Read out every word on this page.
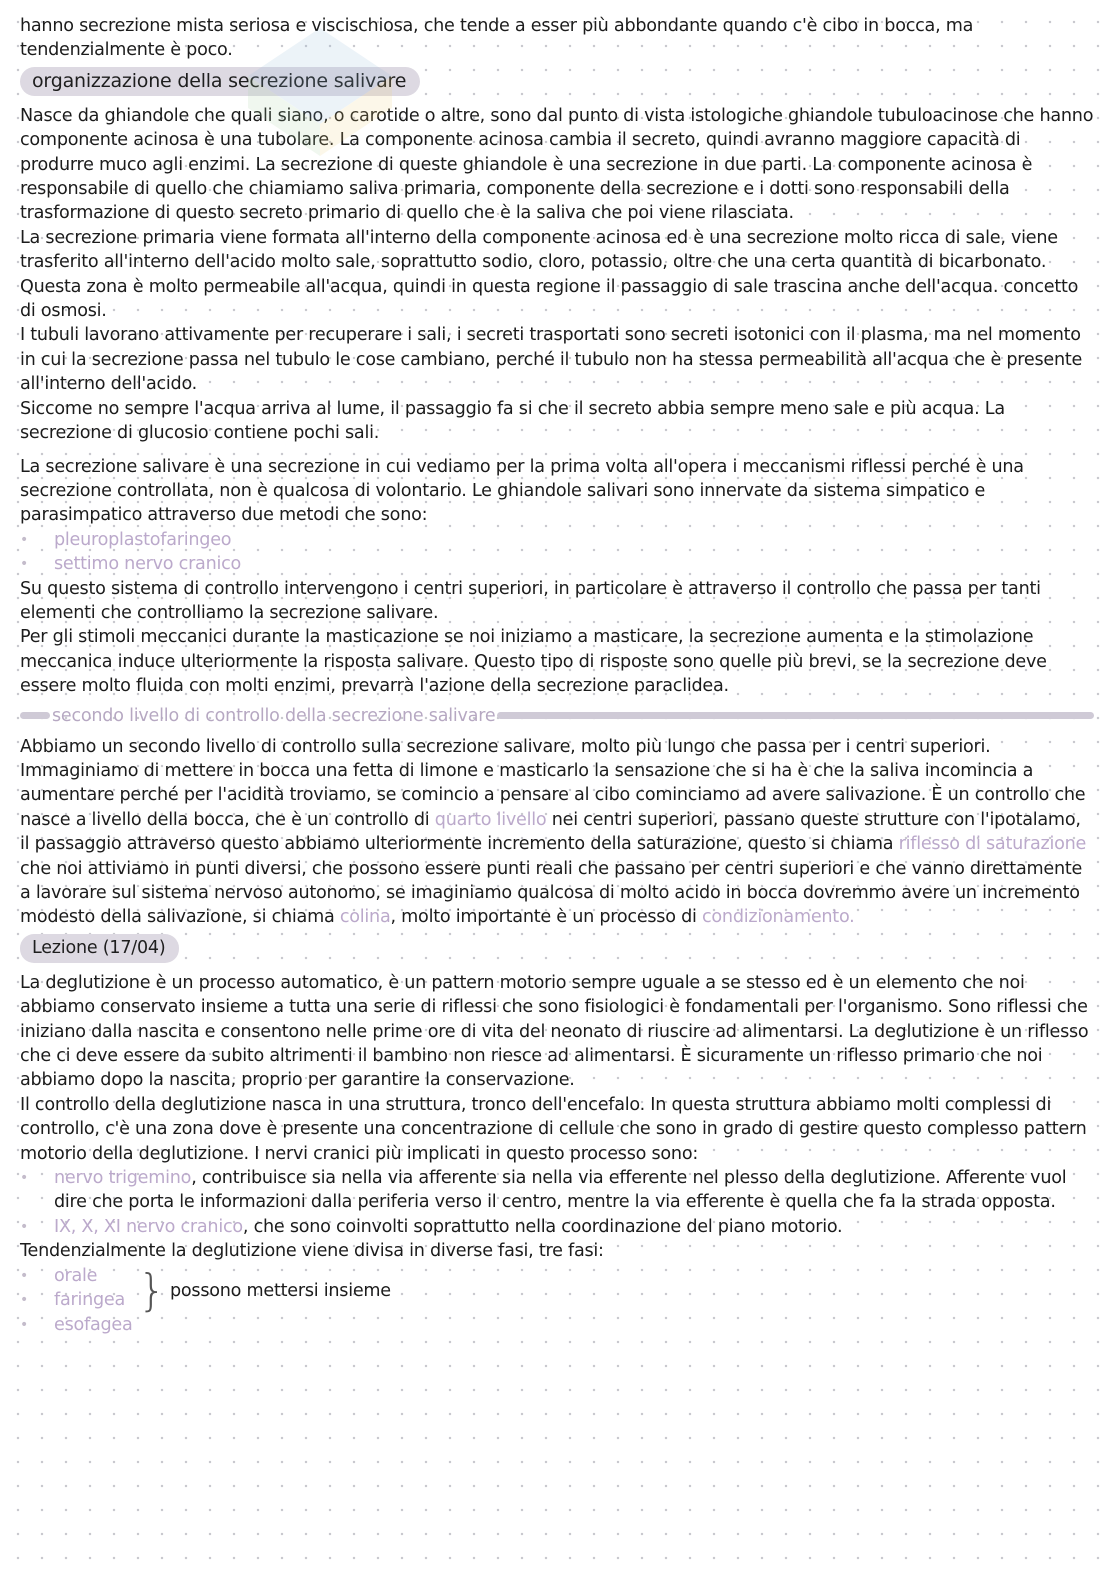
hanno secrezione mista seriosa e viscischiosa, che tende a esser più abbondante quando c'è cibo in bocca, ma tendenzialmente è poco.

organizzazione della secrezione salivare

Nasce da ghiandole che quali siano, o carotide o altre, sono dal punto di vista istologiche ghiandole tubuloacinose che hanno componente acinosa è una tubolare. La componente acinosa cambia il secreto, quindi avranno maggiore capacità di produrre muco agli enzimi. La secrezione di queste ghiandole è una secrezione in due parti. La componente acinosa è responsabile di quello che chiamiamo saliva primaria, componente della secrezione e i dotti sono responsabili della trasformazione di questo secreto primario di quello che è la saliva che poi viene rilasciata.

La secrezione primaria viene formata all'interno della componente acinosa ed è una secrezione molto ricca di sale, viene trasferito all'interno dell'acido molto sale, soprattutto sodio, cloro, potassio, oltre che una certa quantità di bicarbonato. Questa zona è molto permeabile all'acqua, quindi in questa regione il passaggio di sale trascina anche dell'acqua. concetto di osmosi.

I tubuli lavorano attivamente per recuperare i sali, i secreti trasportati sono secreti isotonici con il plasma, ma nel momento in cui la secrezione passa nel tubulo le cose cambiano, perché il tubulo non ha stessa permeabilità all'acqua che è presente all'interno dell'acido.

Siccome no sempre l'acqua arriva al lume, il passaggio fa si che il secreto abbia sempre meno sale e più acqua. La secrezione di glucosio contiene pochi sali.

La secrezione salivare è una secrezione in cui vediamo per la prima volta all'opera i meccanismi riflessi perché è una secrezione controllata, non è qualcosa di volontario. Le ghiandole salivari sono innervate da sistema simpatico e parasimpatico attraverso due metodi che sono:

• pleuroplastofaringeo
• settimo nervo cranico

Su questo sistema di controllo intervengono i centri superiori, in particolare è attraverso il controllo che passa per tanti elementi che controlliamo la secrezione salivare.

Per gli stimoli meccanici durante la masticazione se noi iniziamo a masticare, la secrezione aumenta e la stimolazione meccanica induce ulteriormente la risposta salivare. Questo tipo di risposte sono quelle più brevi, se la secrezione deve essere molto fluida con molti enzimi, prevarrà l'azione della secrezione paraclidea.

secondo livello di controllo della secrezione salivare

Abbiamo un secondo livello di controllo sulla secrezione salivare, molto più lungo che passa per i centri superiori. Immaginiamo di mettere in bocca una fetta di limone e masticarlo la sensazione che si ha è che la saliva incomincia a aumentare perché per l'acidità troviamo, se comincio a pensare al cibo cominciamo ad avere salivazione. È un controllo che nasce a livello della bocca, che è un controllo di quarto livello nei centri superiori, passano queste strutture con l'ipotalamo, il passaggio attraverso questo abbiamo ulteriormente incremento della saturazione, questo si chiama riflesso di saturazione che noi attiviamo in punti diversi, che possono essere punti reali che passano per centri superiori e che vanno direttamente a lavorare sul sistema nervoso autonomo, se imaginiamo qualcosa di molto acido in bocca dovremmo avere un incremento modesto della salivazione, si chiama colina, molto importante è un processo di condizionamento.

Lezione (17/04)

La deglutizione è un processo automatico, è un pattern motorio sempre uguale a se stesso ed è un elemento che noi abbiamo conservato insieme a tutta una serie di riflessi che sono fisiologici è fondamentali per l'organismo. Sono riflessi che iniziano dalla nascita e consentono nelle prime ore di vita del neonato di riuscire ad alimentarsi. La deglutizione è un riflesso che ci deve essere da subito altrimenti il bambino non riesce ad alimentarsi. È sicuramente un riflesso primario che noi abbiamo dopo la nascita, proprio per garantire la conservazione.

Il controllo della deglutizione nasca in una struttura, tronco dell'encefalo. In questa struttura abbiamo molti complessi di controllo, c'è una zona dove è presente una concentrazione di cellule che sono in grado di gestire questo complesso pattern motorio della deglutizione. I nervi cranici più implicati in questo processo sono:

• nervo trigemino, contribuisce sia nella via afferente sia nella via efferente nel plesso della deglutizione. Afferente vuol dire che porta le informazioni dalla periferia verso il centro, mentre la via efferente è quella che fa la strada opposta.
• IX, X, XI nervo cranico, che sono coinvolti soprattutto nella coordinazione del piano motorio.

Tendenzialmente la deglutizione viene divisa in diverse fasi, tre fasi:

• orale
• faringea
• esofagea
} possono mettersi insieme
